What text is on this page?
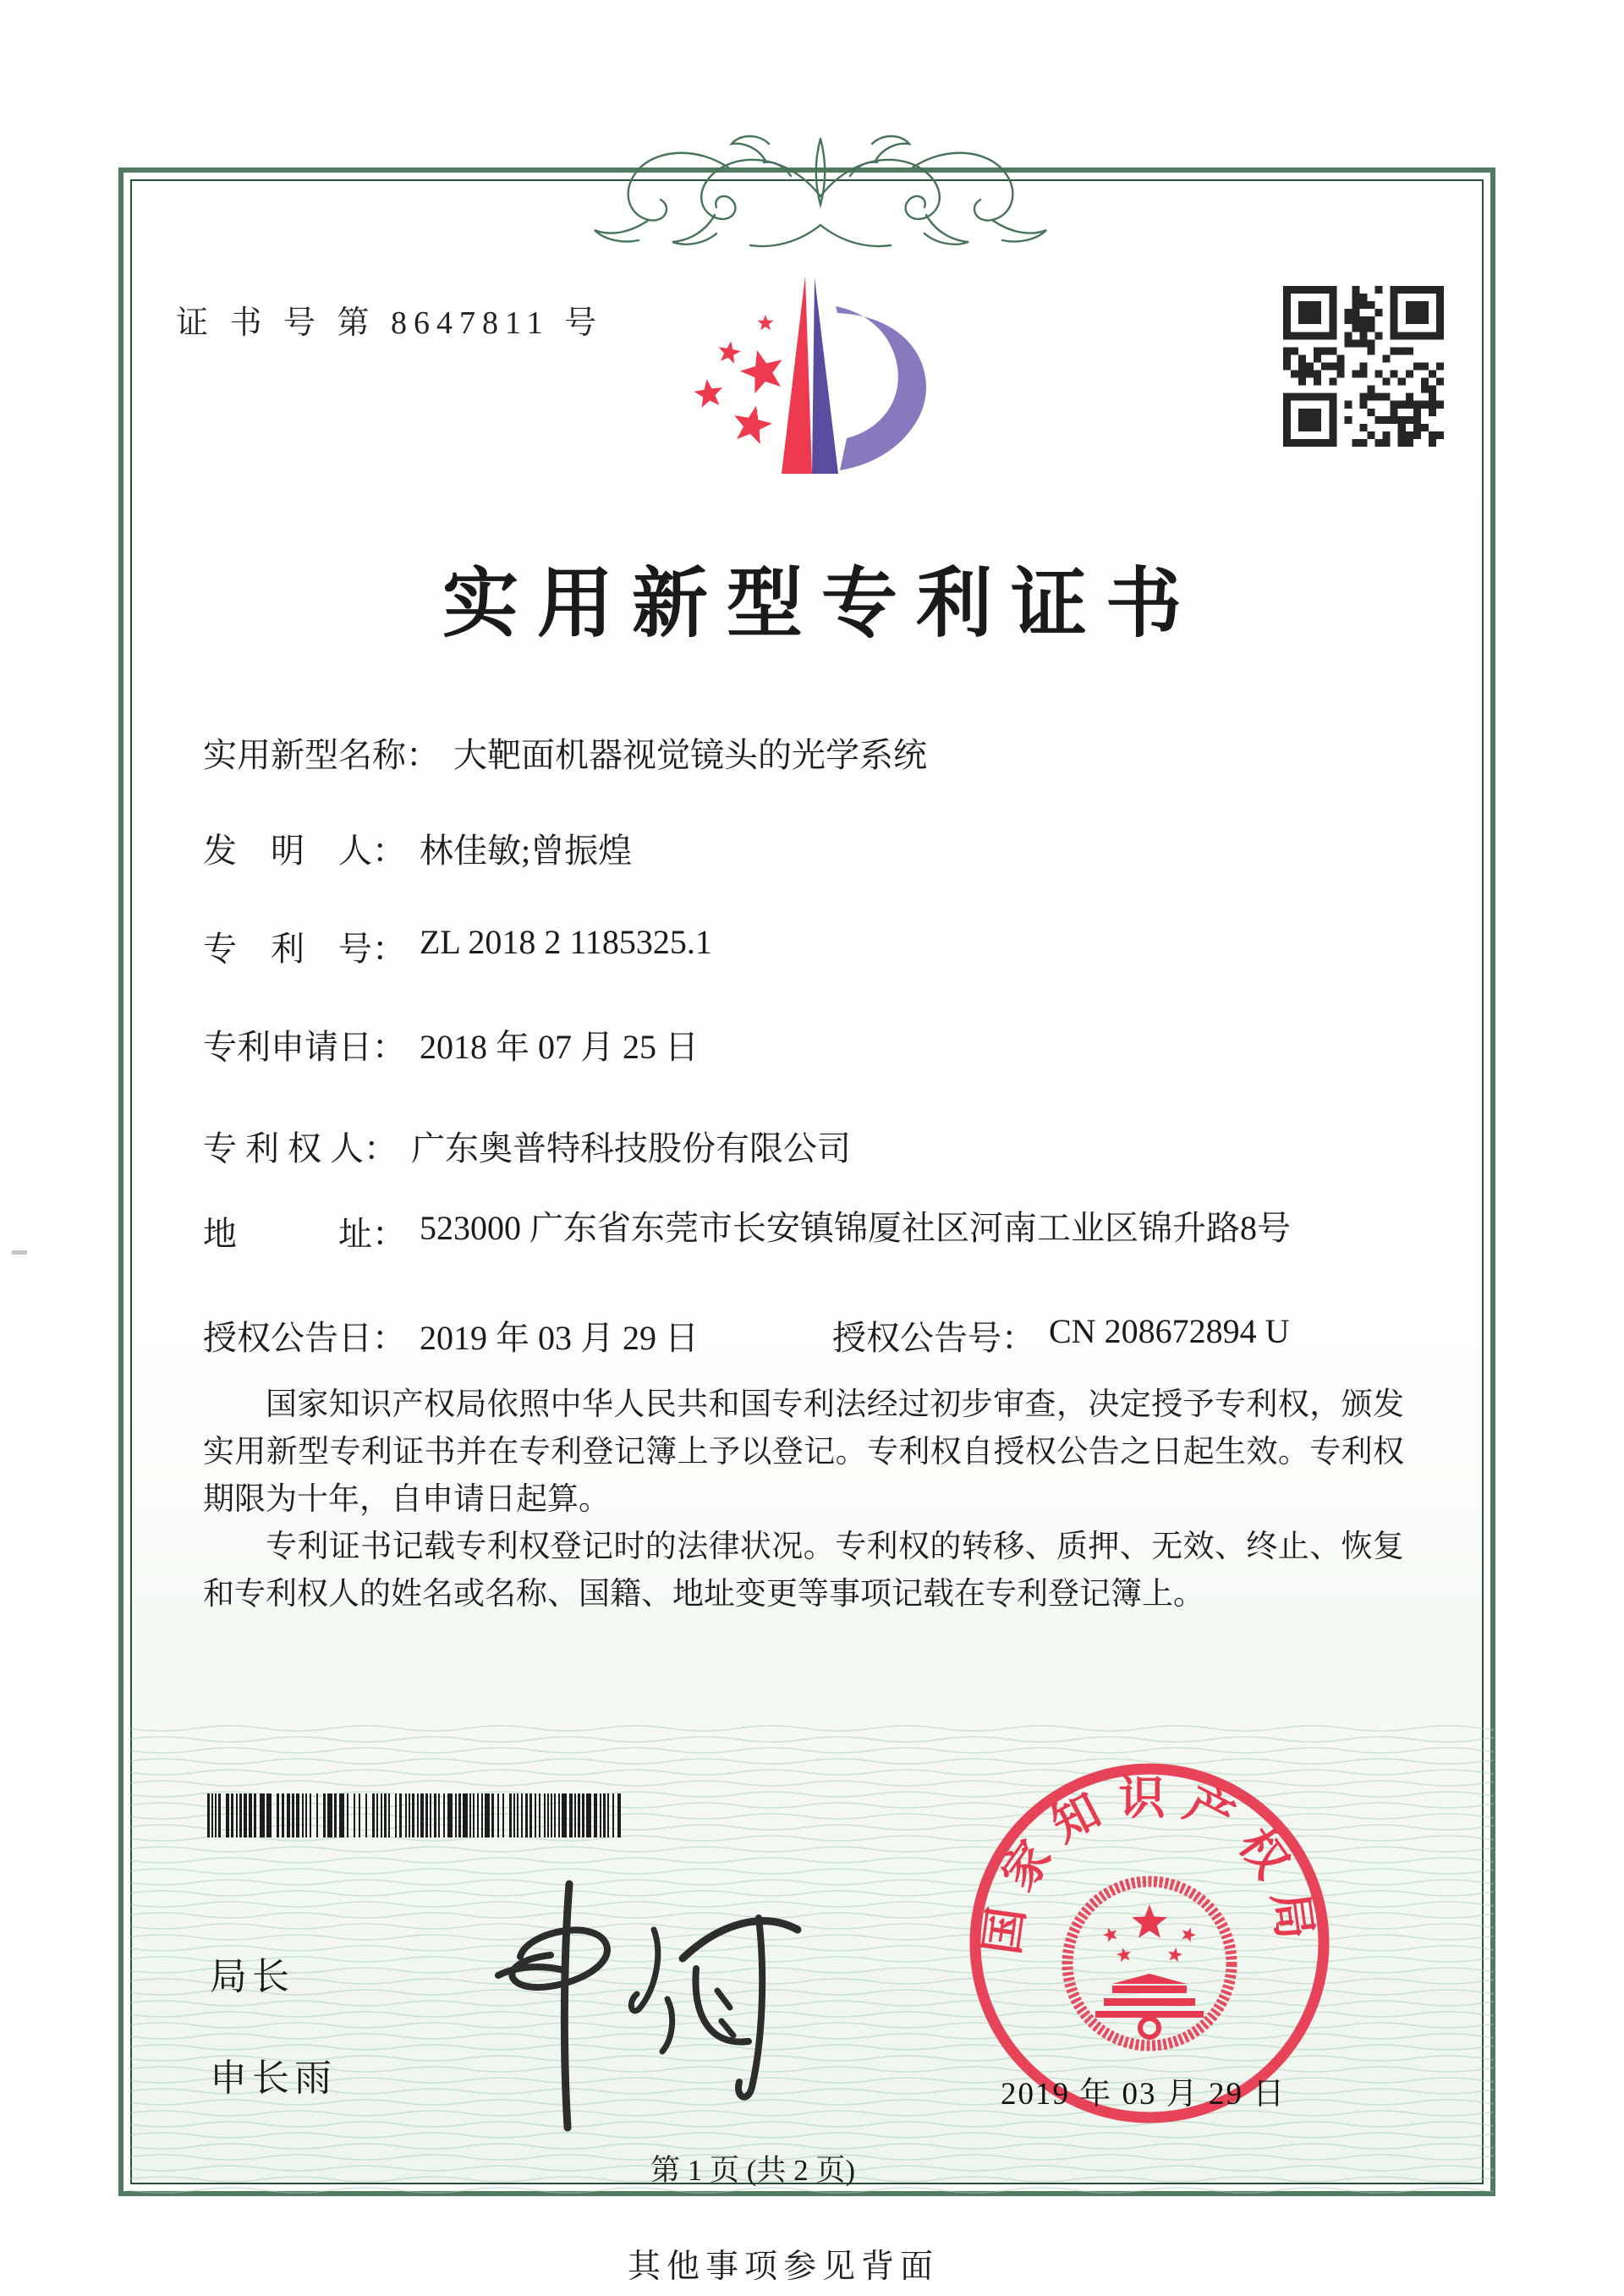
证 书 号 第 8647811 号
实用新型专利证书
实用新型名称： 大靶面机器视觉镜头的光学系统
发　明　人： 林佳敏;曾振煌
专　利　号： ZL 2018 2 1185325.1
专利申请日： 2018 年 07 月 25 日
专 利 权 人： 广东奥普特科技股份有限公司
地　　　址： 523000 广东省东莞市长安镇锦厦社区河南工业区锦升路8号
授权公告日： 2019 年 03 月 29 日	授权公告号： CN 208672894 U

国家知识产权局依照中华人民共和国专利法经过初步审查，决定授予专利权，颁发实用新型专利证书并在专利登记簿上予以登记。专利权自授权公告之日起生效。专利权期限为十年，自申请日起算。

专利证书记载专利权登记时的法律状况。专利权的转移、质押、无效、终止、恢复和专利权人的姓名或名称、国籍、地址变更等事项记载在专利登记簿上。

局长
申长雨
国家知识产权局
2019 年 03 月 29 日
第 1 页 (共 2 页)
其他事项参见背面
